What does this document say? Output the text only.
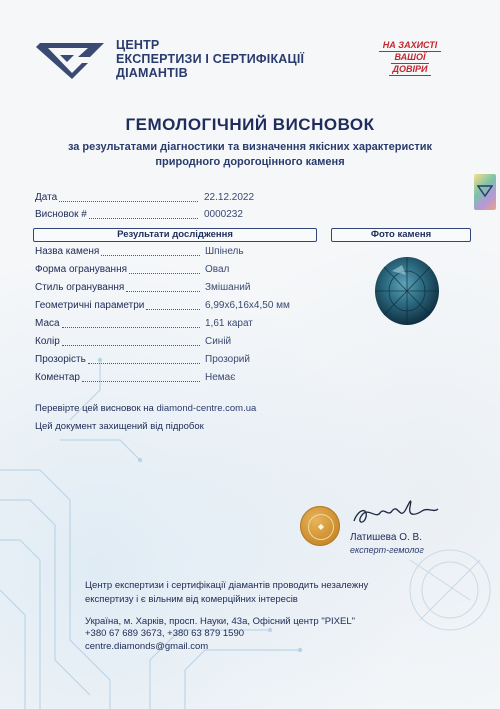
ЦЕНТР
ЕКСПЕРТИЗИ І СЕРТИФІКАЦІЇ
ДІАМАНТІВ
НА ЗАХИСТІ
ВАШОЇ
ДОВІРИ
ГЕМОЛОГІЧНИЙ ВИСНОВОК
за результатами діагностики та визначення якісних характеристик
природного дорогоцінного каменя
Дата	22.12.2022
Висновок #	0000232
Результати дослідження	Фото каменя
Назва каменя	Шпінель
Форма огранування	Овал
Стиль огранування	Змішаний
Геометричні параметри	6,99x6,16x4,50 мм
Маса	1,61 карат
Колір	Синій
Прозорість	Прозорий
Коментар	Немає
Перевірте цей висновок на diamond-centre.com.ua
Цей документ захищений від підробок
◆
Латишева О. В.
експерт-гемолог
Центр експертизи і сертифікації діамантів проводить незалежну
експертизу і є вільним від комерційних інтересів
Україна, м. Харків, просп. Науки, 43а, Офісний центр "PIXEL"
+380 67 689 3673, +380 63 879 1590
centre.diamonds@gmail.com
